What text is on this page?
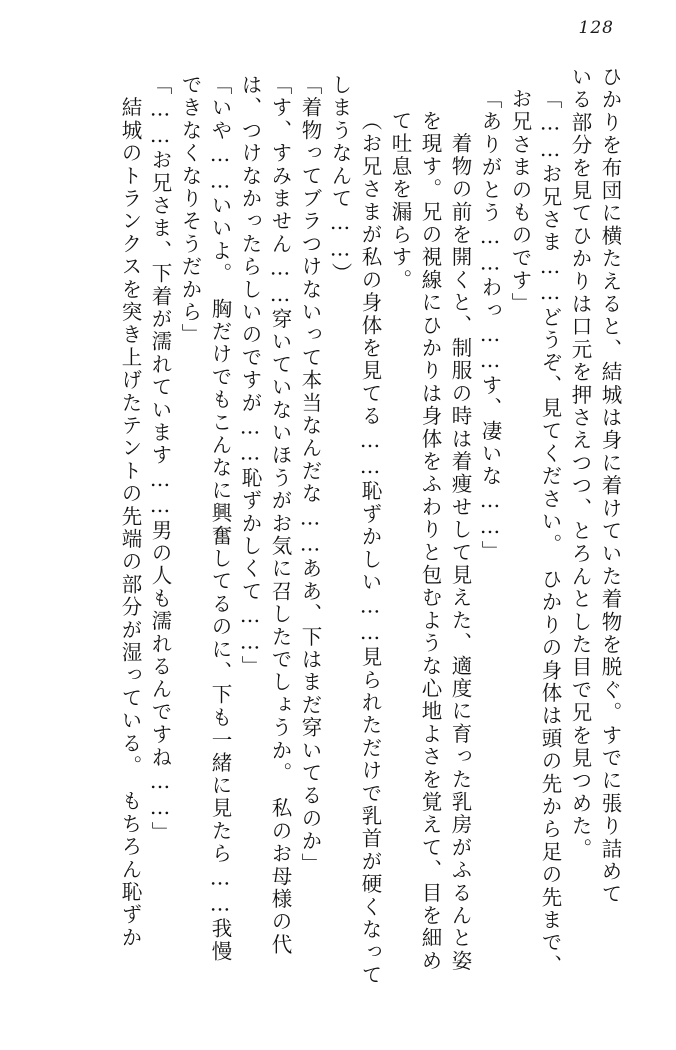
128
ひかりを布団に横たえると、結城は身に着けていた着物を脱ぐ。すでに張り詰めて
いる部分を見てひかりは口元を押さえつつ、とろんとした目で兄を見つめた。
「……お兄さま……どうぞ、見てください。　ひかりの身体は頭の先から足の先まで、
お兄さまのものです」
「ありがとう……わっ……す、凄いな……」
　着物の前を開くと、制服の時は着痩せして見えた、適度に育った乳房がふるんと姿
を現す。兄の視線にひかりは身体をふわりと包むような心地よさを覚えて、目を細め
て吐息を漏らす。
（お兄さまが私の身体を見てる……恥ずかしい……見られただけで乳首が硬くなって
しまうなんて……）
「着物ってブラつけないって本当なんだな……ああ、下はまだ穿いてるのか」
「す、すみません……穿いていないほうがお気に召したでしょうか。　私のお母様の代
は、つけなかったらしいのですが……恥ずかしくて……」
「いや……いいよ。　胸だけでもこんなに興奮してるのに、下も一緒に見たら……我慢
できなくなりそうだから」
「……お兄さま、下着が濡れています……男の人も濡れるんですね……」
　結城のトランクスを突き上げたテントの先端の部分が湿っている。　もちろん恥ずか
